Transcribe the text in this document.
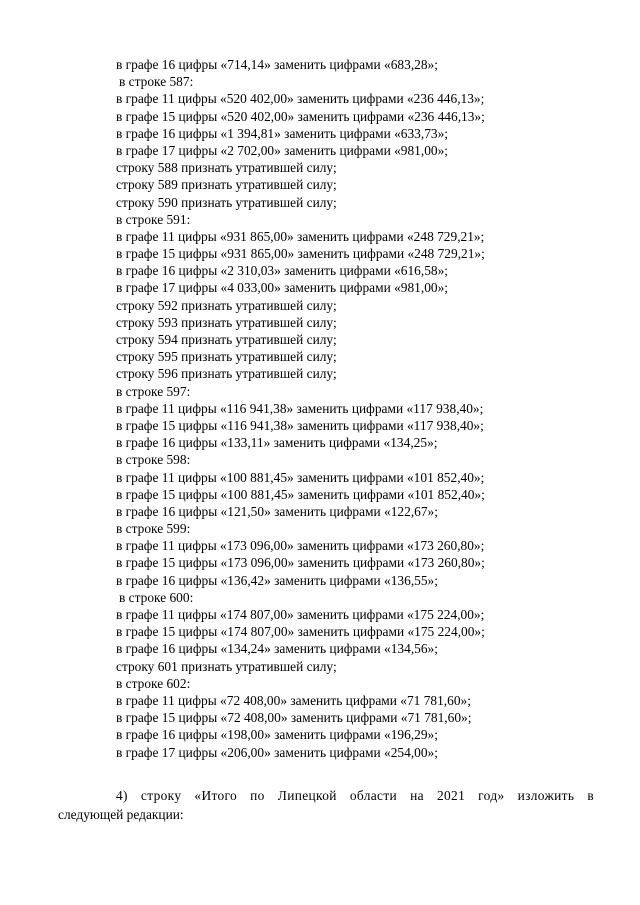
в графе 16 цифры «714,14» заменить цифрами «683,28»;
в строке 587:
в графе 11 цифры «520 402,00» заменить цифрами «236 446,13»;
в графе 15 цифры «520 402,00» заменить цифрами «236 446,13»;
в графе 16 цифры «1 394,81» заменить цифрами «633,73»;
в графе 17 цифры «2 702,00» заменить цифрами «981,00»;
строку 588 признать утратившей силу;
строку 589 признать утратившей силу;
строку 590 признать утратившей силу;
в строке 591:
в графе 11 цифры «931 865,00» заменить цифрами «248 729,21»;
в графе 15 цифры «931 865,00» заменить цифрами «248 729,21»;
в графе 16 цифры «2 310,03» заменить цифрами «616,58»;
в графе 17 цифры «4 033,00» заменить цифрами «981,00»;
строку 592 признать утратившей силу;
строку 593 признать утратившей силу;
строку 594 признать утратившей силу;
строку 595 признать утратившей силу;
строку 596 признать утратившей силу;
в строке 597:
в графе 11 цифры «116 941,38» заменить цифрами «117 938,40»;
в графе 15 цифры «116 941,38» заменить цифрами «117 938,40»;
в графе 16 цифры «133,11» заменить цифрами «134,25»;
в строке 598:
в графе 11 цифры «100 881,45» заменить цифрами «101 852,40»;
в графе 15 цифры «100 881,45» заменить цифрами «101 852,40»;
в графе 16 цифры «121,50» заменить цифрами «122,67»;
в строке 599:
в графе 11 цифры «173 096,00» заменить цифрами «173 260,80»;
в графе 15 цифры «173 096,00» заменить цифрами «173 260,80»;
в графе 16 цифры «136,42» заменить цифрами «136,55»;
в строке 600:
в графе 11 цифры «174 807,00» заменить цифрами «175 224,00»;
в графе 15 цифры «174 807,00» заменить цифрами «175 224,00»;
в графе 16 цифры «134,24» заменить цифрами «134,56»;
строку 601 признать утратившей силу;
в строке 602:
в графе 11 цифры «72 408,00» заменить цифрами «71 781,60»;
в графе 15 цифры «72 408,00» заменить цифрами «71 781,60»;
в графе 16 цифры «198,00» заменить цифрами «196,29»;
в графе 17 цифры «206,00» заменить цифрами «254,00»;
4) строку «Итого по Липецкой области на 2021 год» изложить в
следующей редакции:
